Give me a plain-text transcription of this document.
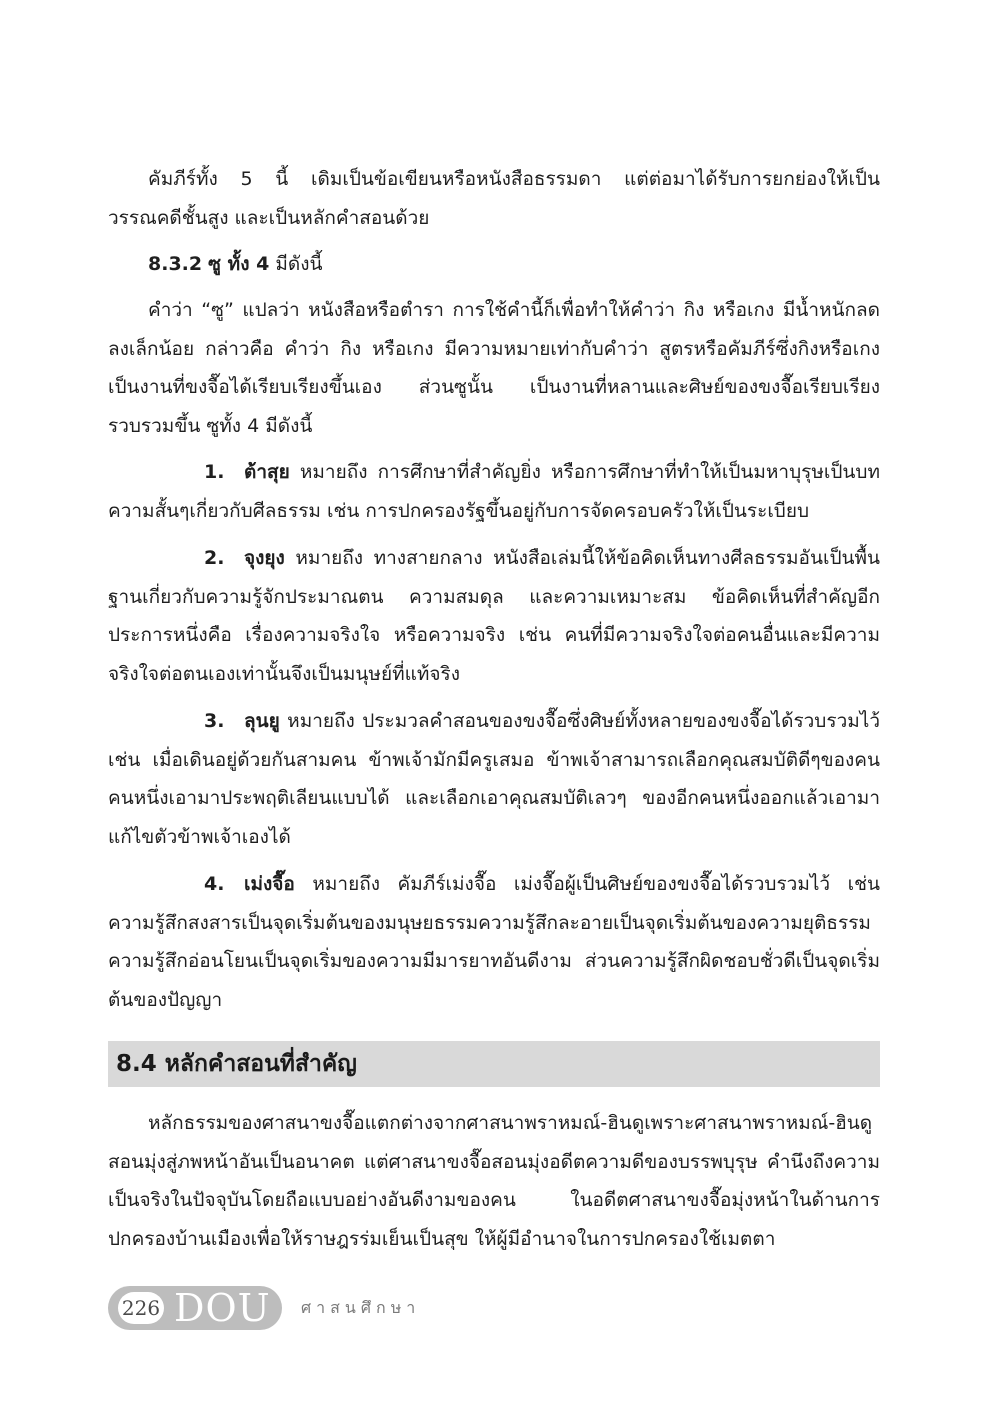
คัมภีร์ทั้ง 5 นี้ เดิมเป็นข้อเขียนหรือหนังสือธรรมดา แต่ต่อมาได้รับการยกย่องให้เป็นวรรณคดีชั้นสูง และเป็นหลักคำสอนด้วย

8.3.2 ซู ทั้ง 4 มีดังนี้

คำว่า “ซู” แปลว่า หนังสือหรือตำรา การใช้คำนี้ก็เพื่อทำให้คำว่า กิง หรือเกง มีน้ำหนักลดลงเล็กน้อย กล่าวคือ คำว่า กิง หรือเกง มีความหมายเท่ากับคำว่า สูตรหรือคัมภีร์ซึ่งกิงหรือเกงเป็นงานที่ขงจื๊อได้เรียบเรียงขึ้นเอง ส่วนซูนั้น เป็นงานที่หลานและศิษย์ของขงจื๊อเรียบเรียงรวบรวมขึ้น ซูทั้ง 4 มีดังนี้

1. ต้าสุย หมายถึง การศึกษาที่สำคัญยิ่ง หรือการศึกษาที่ทำให้เป็นมหาบุรุษเป็นบทความสั้นๆเกี่ยวกับศีลธรรม เช่น การปกครองรัฐขึ้นอยู่กับการจัดครอบครัวให้เป็นระเบียบ

2. จุงยุง หมายถึง ทางสายกลาง หนังสือเล่มนี้ให้ข้อคิดเห็นทางศีลธรรมอันเป็นพื้นฐานเกี่ยวกับความรู้จักประมาณตน ความสมดุล และความเหมาะสม ข้อคิดเห็นที่สำคัญอีกประการหนึ่งคือ เรื่องความจริงใจ หรือความจริง เช่น คนที่มีความจริงใจต่อคนอื่นและมีความจริงใจต่อตนเองเท่านั้นจึงเป็นมนุษย์ที่แท้จริง

3. ลุนยู หมายถึง ประมวลคำสอนของขงจื๊อซึ่งศิษย์ทั้งหลายของขงจื๊อได้รวบรวมไว้ เช่น เมื่อเดินอยู่ด้วยกันสามคน ข้าพเจ้ามักมีครูเสมอ ข้าพเจ้าสามารถเลือกคุณสมบัติดีๆของคนคนหนึ่งเอามาประพฤติเลียนแบบได้ และเลือกเอาคุณสมบัติเลวๆ ของอีกคนหนึ่งออกแล้วเอามาแก้ไขตัวข้าพเจ้าเองได้

4. เม่งจื๊อ หมายถึง คัมภีร์เม่งจื๊อ เม่งจื๊อผู้เป็นศิษย์ของขงจื๊อได้รวบรวมไว้ เช่น ความรู้สึกสงสารเป็นจุดเริ่มต้นของมนุษยธรรมความรู้สึกละอายเป็นจุดเริ่มต้นของความยุติธรรมความรู้สึกอ่อนโยนเป็นจุดเริ่มของความมีมารยาทอันดีงาม ส่วนความรู้สึกผิดชอบชั่วดีเป็นจุดเริ่มต้นของปัญญา

8.4 หลักคำสอนที่สำคัญ

หลักธรรมของศาสนาขงจื๊อแตกต่างจากศาสนาพราหมณ์-ฮินดูเพราะศาสนาพราหมณ์-ฮินดูสอนมุ่งสู่ภพหน้าอันเป็นอนาคต แต่ศาสนาขงจื๊อสอนมุ่งอดีตความดีของบรรพบุรุษ คำนึงถึงความเป็นจริงในปัจจุบันโดยถือแบบอย่างอันดีงามของคน ในอดีตศาสนาขงจื๊อมุ่งหน้าในด้านการปกครองบ้านเมืองเพื่อให้ราษฎรร่มเย็นเป็นสุข ให้ผู้มีอำนาจในการปกครองใช้เมตตา

226 DOU ศาสนศึกษา
